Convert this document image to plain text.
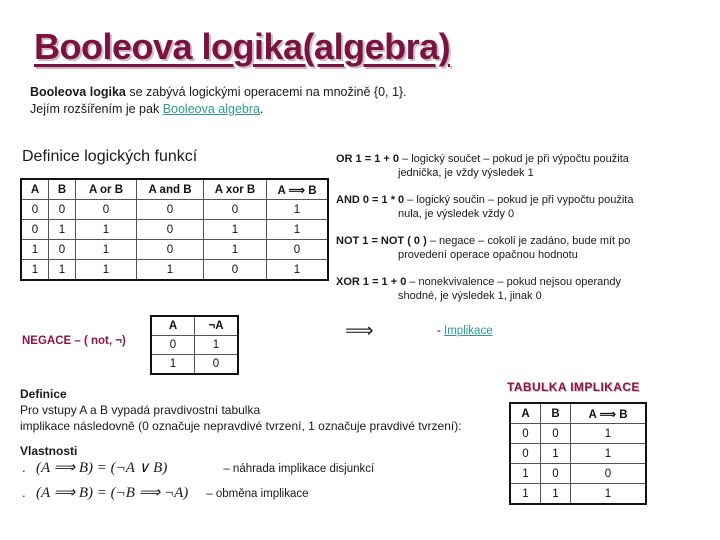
Booleova logika(algebra)
Booleova logika se zabývá logickými operacemi na množině {0, 1}.
Jejím rozšířením je pak Booleova algebra.
Definice logických funkcí
A	B	A or B	A and B	A xor B	A ⟹ B
0	0	0	0	0	1
0	1	1	0	1	1
1	0	1	0	1	0
1	1	1	1	0	1
OR 1 = 1 + 0 – logický součet – pokud je při výpočtu použita
jednička, je vždy výsledek 1
AND 0 = 1 * 0 – logický součin – pokud je při vypočtu použita
nula, je výsledek vždy 0
NOT 1 = NOT ( 0 ) – negace – cokoli je zadáno, bude mít po
provedení operace opačnou hodnotu
XOR 1 = 1 + 0 – nonekvivalence – pokud nejsou operandy
shodné, je výsledek 1, jinak 0
⟹	- Implikace
NEGACE – ( not, ¬)
A	¬A
0	1
1	0
Definice
Pro vstupy A a B vypadá pravdivostní tabulka
implikace následovně (0 označuje nepravdivé tvrzení, 1 označuje pravdivé tvrzení):
Vlastnosti
. (A ⟹ B) = (¬A ∨ B)	– náhrada implikace disjunkcí
. (A ⟹ B) = (¬B ⟹ ¬A) – obměna implikace
TABULKA IMPLIKACE
A	B	A ⟹ B
0	0	1
0	1	1
1	0	0
1	1	1
